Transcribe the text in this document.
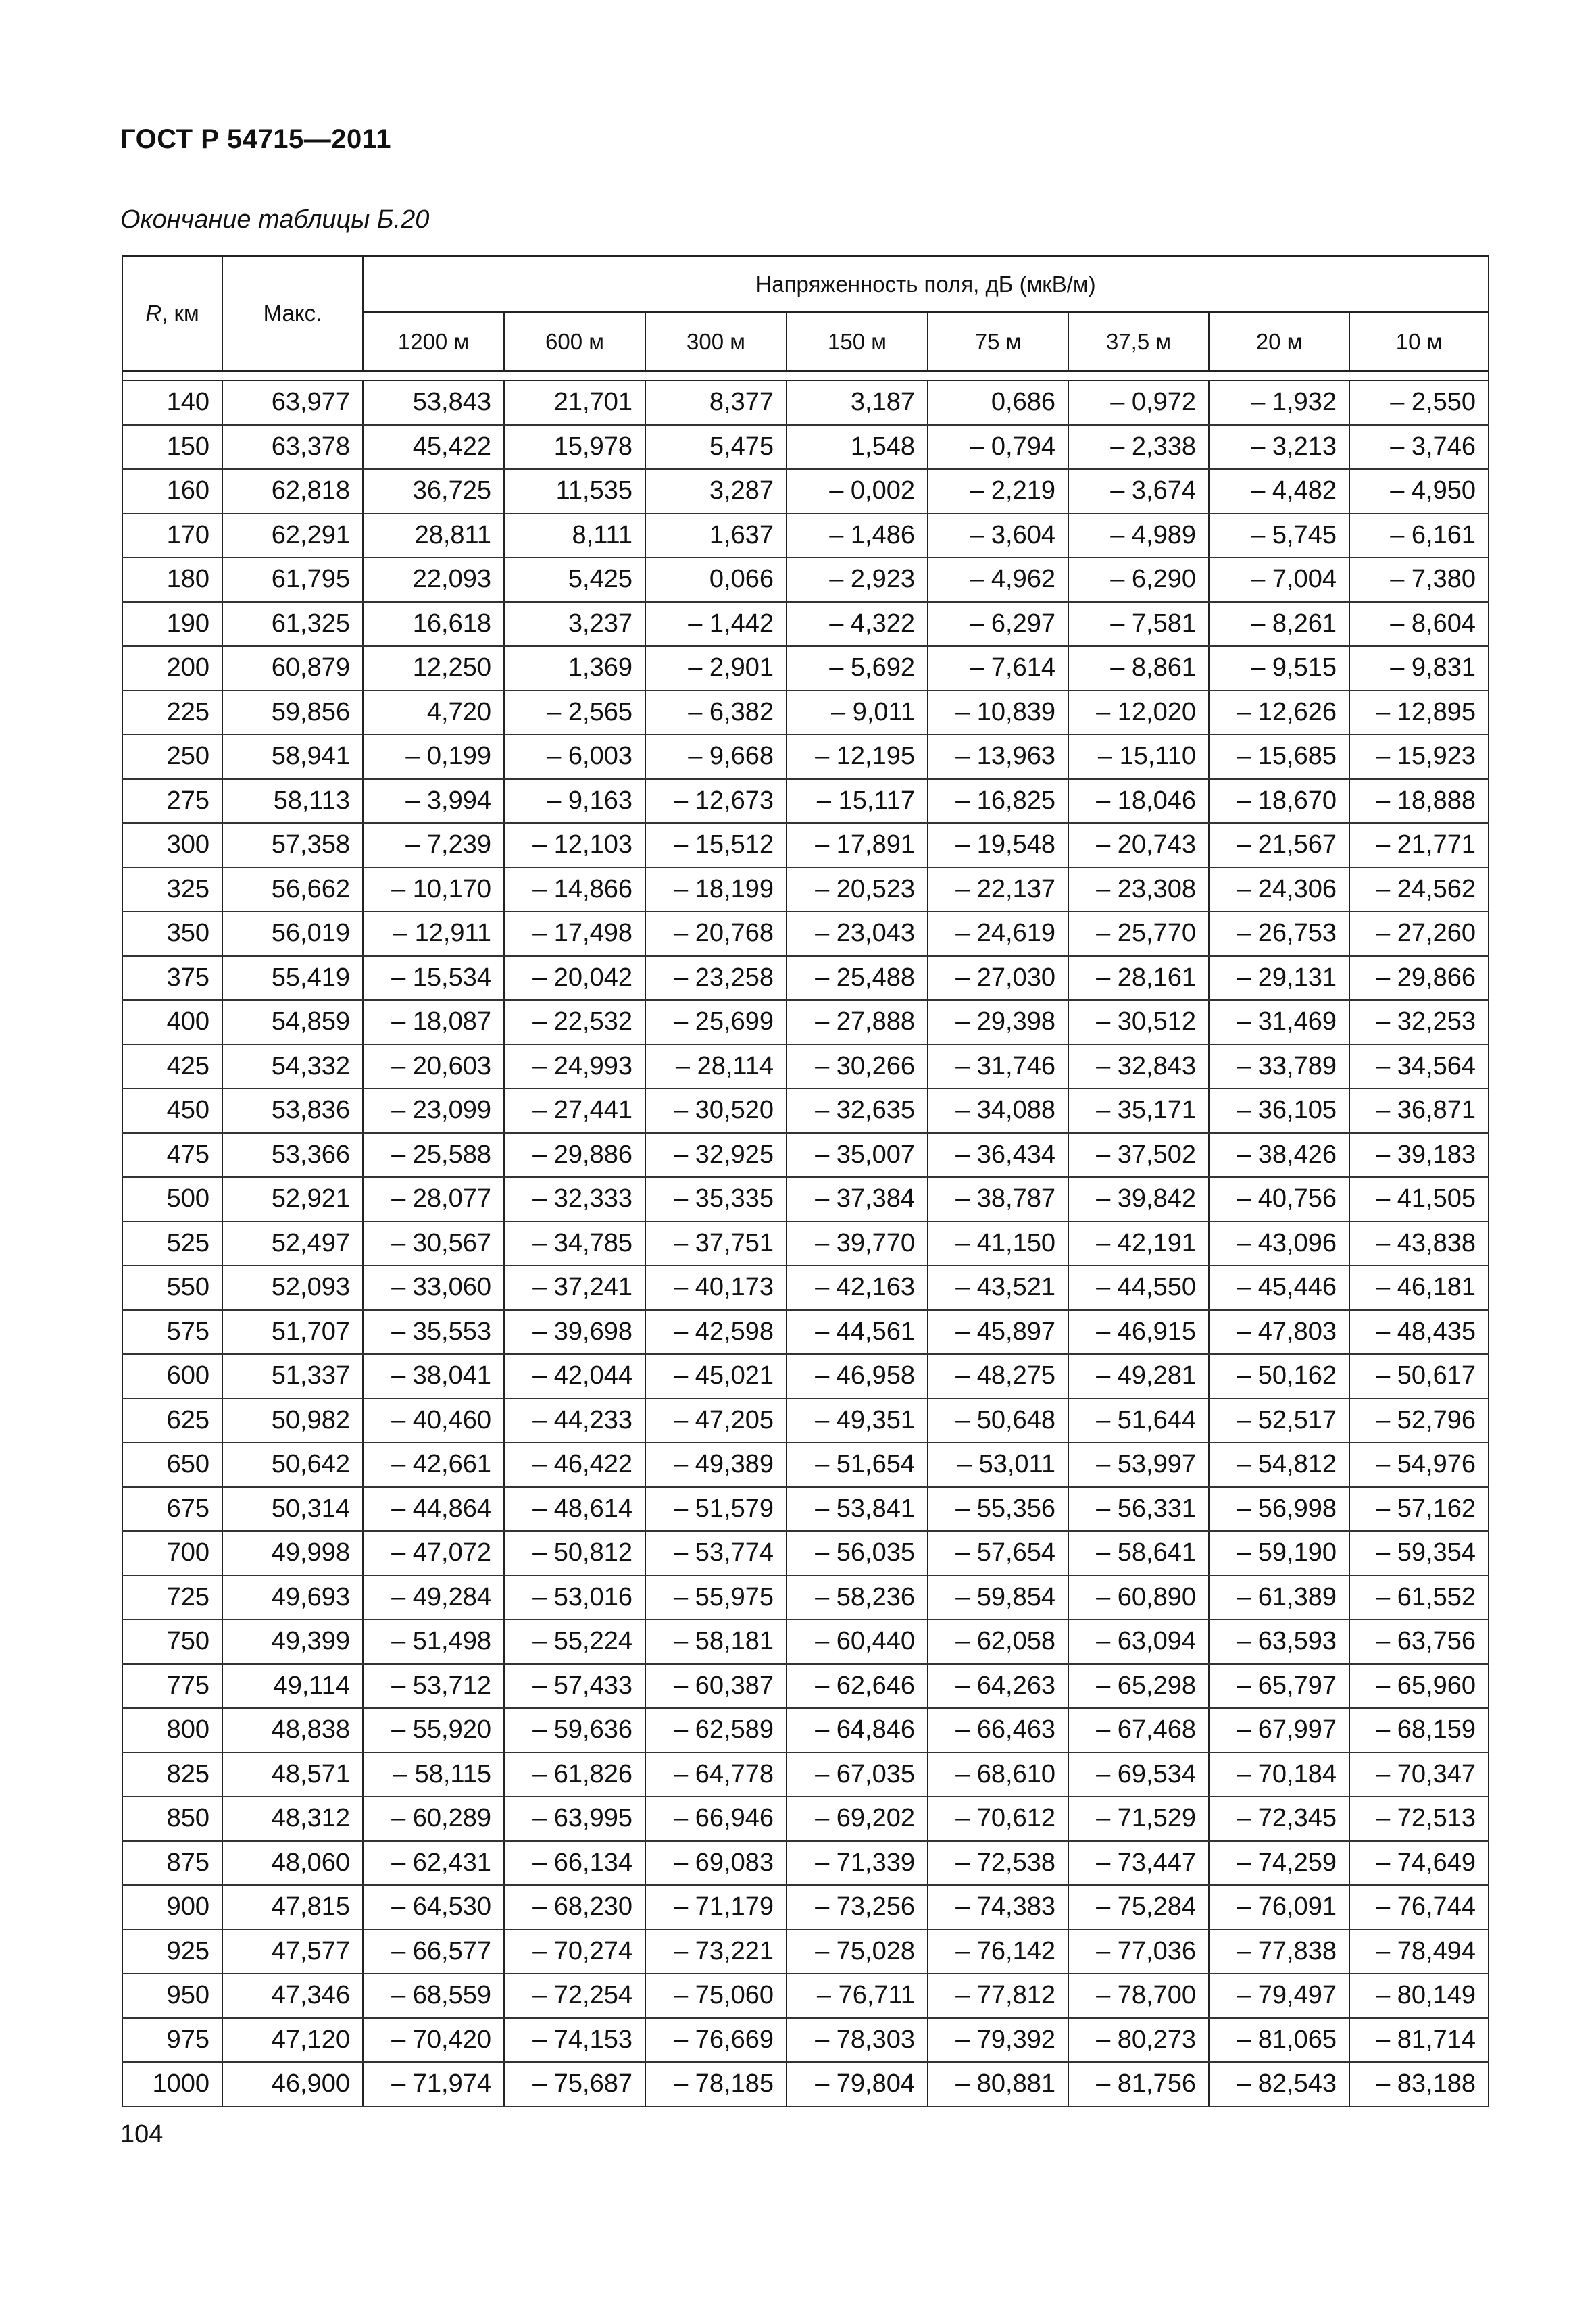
ГОСТ Р 54715—2011
Окончание таблицы Б.20
R, км	Макс.	Напряженность поля, дБ (мкВ/м)							
		1200 м	600 м	300 м	150 м	75 м	37,5 м	20 м	10 м

140	63,977	53,843	21,701	8,377	3,187	0,686	– 0,972	– 1,932	– 2,550
150	63,378	45,422	15,978	5,475	1,548	– 0,794	– 2,338	– 3,213	– 3,746
160	62,818	36,725	11,535	3,287	– 0,002	– 2,219	– 3,674	– 4,482	– 4,950
170	62,291	28,811	8,111	1,637	– 1,486	– 3,604	– 4,989	– 5,745	– 6,161
180	61,795	22,093	5,425	0,066	– 2,923	– 4,962	– 6,290	– 7,004	– 7,380
190	61,325	16,618	3,237	– 1,442	– 4,322	– 6,297	– 7,581	– 8,261	– 8,604
200	60,879	12,250	1,369	– 2,901	– 5,692	– 7,614	– 8,861	– 9,515	– 9,831
225	59,856	4,720	– 2,565	– 6,382	– 9,011	– 10,839	– 12,020	– 12,626	– 12,895
250	58,941	– 0,199	– 6,003	– 9,668	– 12,195	– 13,963	– 15,110	– 15,685	– 15,923
275	58,113	– 3,994	– 9,163	– 12,673	– 15,117	– 16,825	– 18,046	– 18,670	– 18,888
300	57,358	– 7,239	– 12,103	– 15,512	– 17,891	– 19,548	– 20,743	– 21,567	– 21,771
325	56,662	– 10,170	– 14,866	– 18,199	– 20,523	– 22,137	– 23,308	– 24,306	– 24,562
350	56,019	– 12,911	– 17,498	– 20,768	– 23,043	– 24,619	– 25,770	– 26,753	– 27,260
375	55,419	– 15,534	– 20,042	– 23,258	– 25,488	– 27,030	– 28,161	– 29,131	– 29,866
400	54,859	– 18,087	– 22,532	– 25,699	– 27,888	– 29,398	– 30,512	– 31,469	– 32,253
425	54,332	– 20,603	– 24,993	– 28,114	– 30,266	– 31,746	– 32,843	– 33,789	– 34,564
450	53,836	– 23,099	– 27,441	– 30,520	– 32,635	– 34,088	– 35,171	– 36,105	– 36,871
475	53,366	– 25,588	– 29,886	– 32,925	– 35,007	– 36,434	– 37,502	– 38,426	– 39,183
500	52,921	– 28,077	– 32,333	– 35,335	– 37,384	– 38,787	– 39,842	– 40,756	– 41,505
525	52,497	– 30,567	– 34,785	– 37,751	– 39,770	– 41,150	– 42,191	– 43,096	– 43,838
550	52,093	– 33,060	– 37,241	– 40,173	– 42,163	– 43,521	– 44,550	– 45,446	– 46,181
575	51,707	– 35,553	– 39,698	– 42,598	– 44,561	– 45,897	– 46,915	– 47,803	– 48,435
600	51,337	– 38,041	– 42,044	– 45,021	– 46,958	– 48,275	– 49,281	– 50,162	– 50,617
625	50,982	– 40,460	– 44,233	– 47,205	– 49,351	– 50,648	– 51,644	– 52,517	– 52,796
650	50,642	– 42,661	– 46,422	– 49,389	– 51,654	– 53,011	– 53,997	– 54,812	– 54,976
675	50,314	– 44,864	– 48,614	– 51,579	– 53,841	– 55,356	– 56,331	– 56,998	– 57,162
700	49,998	– 47,072	– 50,812	– 53,774	– 56,035	– 57,654	– 58,641	– 59,190	– 59,354
725	49,693	– 49,284	– 53,016	– 55,975	– 58,236	– 59,854	– 60,890	– 61,389	– 61,552
750	49,399	– 51,498	– 55,224	– 58,181	– 60,440	– 62,058	– 63,094	– 63,593	– 63,756
775	49,114	– 53,712	– 57,433	– 60,387	– 62,646	– 64,263	– 65,298	– 65,797	– 65,960
800	48,838	– 55,920	– 59,636	– 62,589	– 64,846	– 66,463	– 67,468	– 67,997	– 68,159
825	48,571	– 58,115	– 61,826	– 64,778	– 67,035	– 68,610	– 69,534	– 70,184	– 70,347
850	48,312	– 60,289	– 63,995	– 66,946	– 69,202	– 70,612	– 71,529	– 72,345	– 72,513
875	48,060	– 62,431	– 66,134	– 69,083	– 71,339	– 72,538	– 73,447	– 74,259	– 74,649
900	47,815	– 64,530	– 68,230	– 71,179	– 73,256	– 74,383	– 75,284	– 76,091	– 76,744
925	47,577	– 66,577	– 70,274	– 73,221	– 75,028	– 76,142	– 77,036	– 77,838	– 78,494
950	47,346	– 68,559	– 72,254	– 75,060	– 76,711	– 77,812	– 78,700	– 79,497	– 80,149
975	47,120	– 70,420	– 74,153	– 76,669	– 78,303	– 79,392	– 80,273	– 81,065	– 81,714
1000	46,900	– 71,974	– 75,687	– 78,185	– 79,804	– 80,881	– 81,756	– 82,543	– 83,188
104
